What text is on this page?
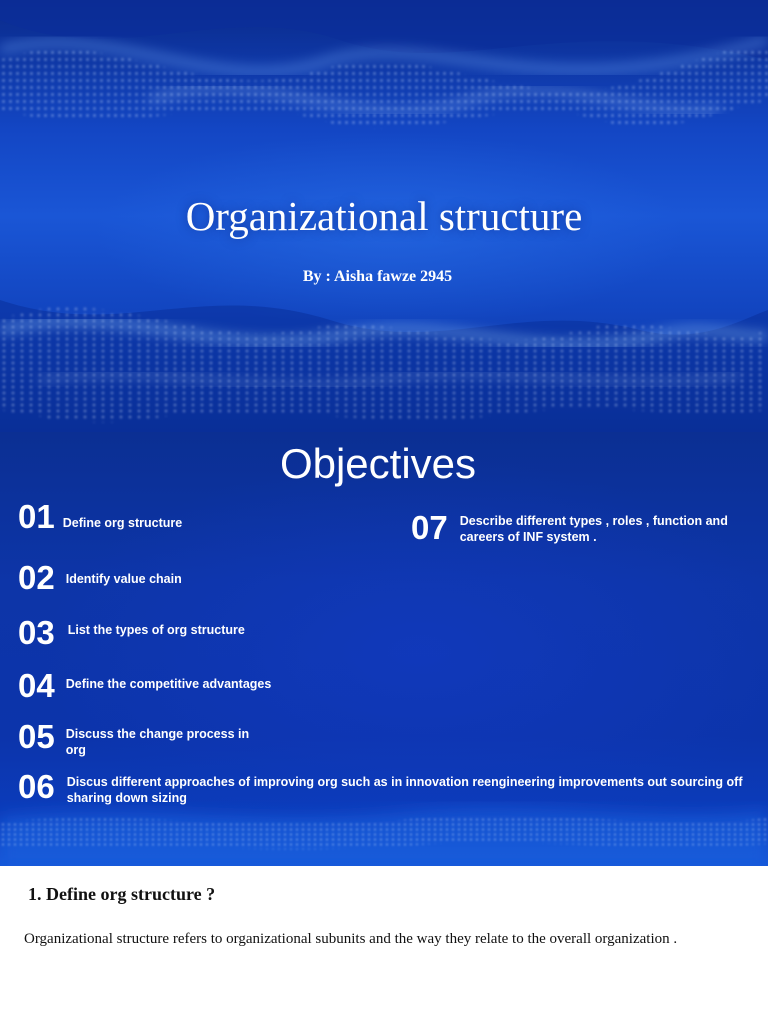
Organizational structure
By : Aisha fawze 2945
Objectives
01 Define org structure
02 Identify value chain
03 List the types of org structure
04 Define the competitive advantages
05 Discuss the change process in org
06 Discus different approaches of improving org such as in innovation reengineering improvements out sourcing off sharing down sizing
07 Describe different types , roles , function and careers of INF system .
1. Define org structure ?
Organizational structure refers to organizational subunits and the way they relate to the overall organization .
